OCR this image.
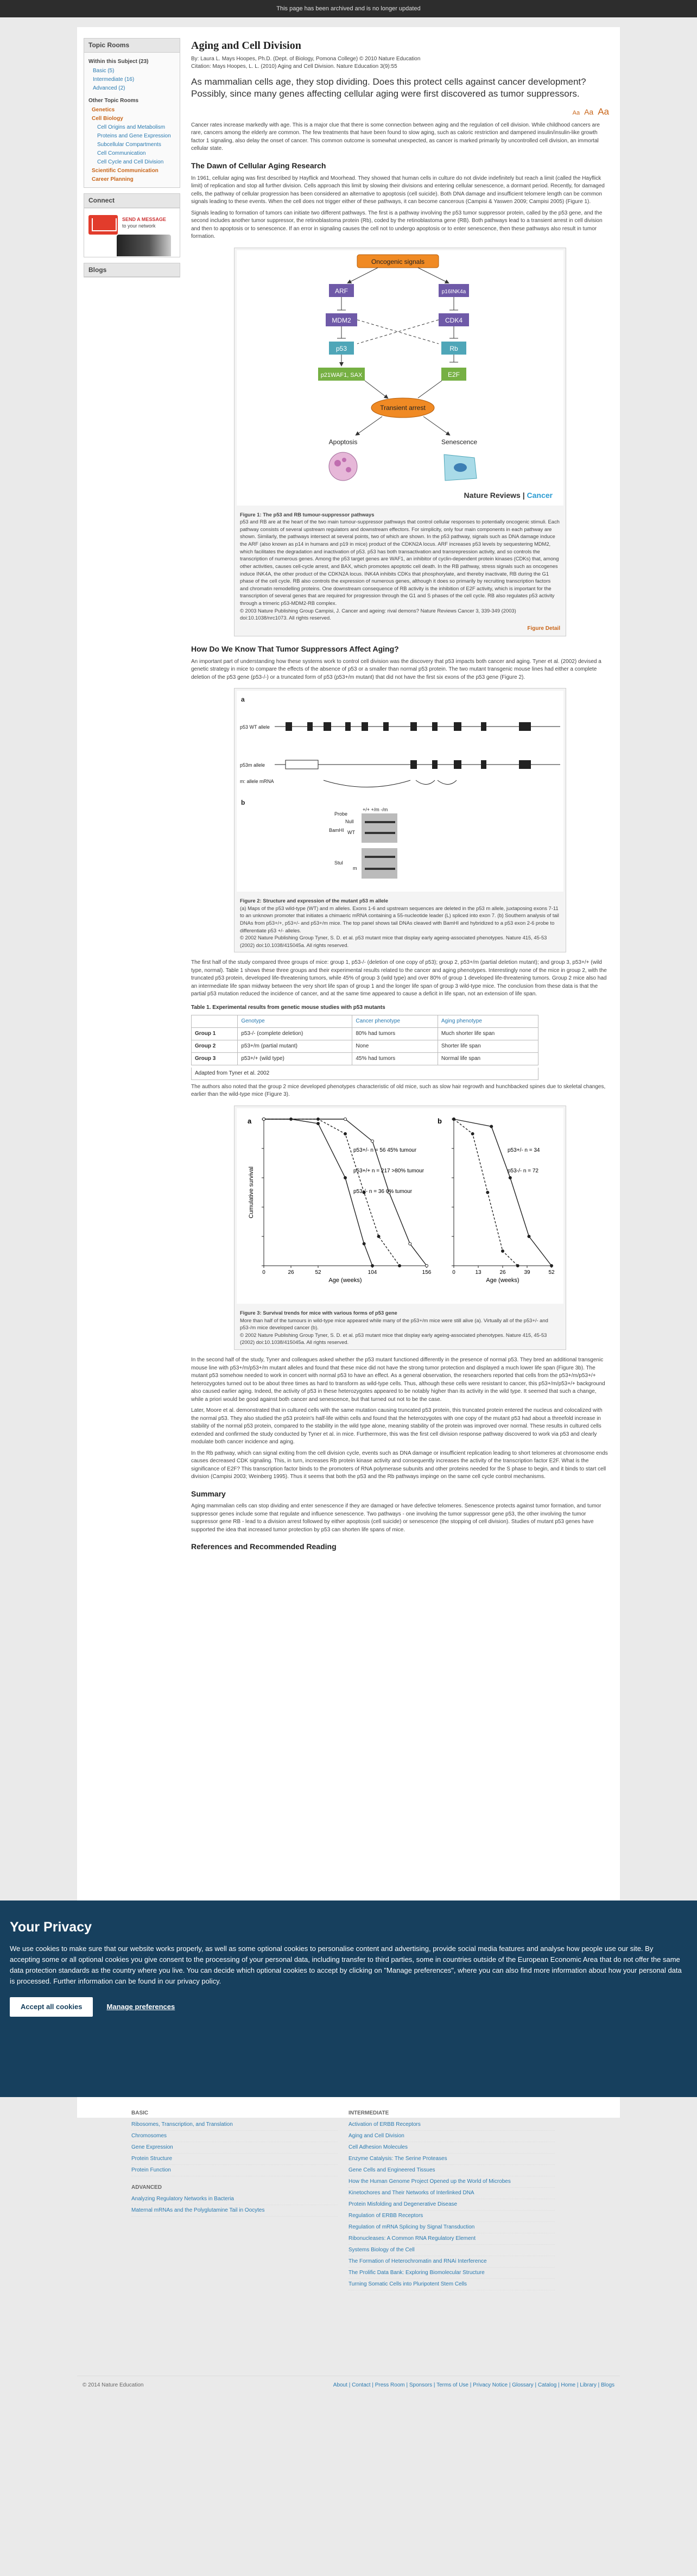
This page has been archived and is no longer updated
Topic Rooms
Within this Subject (23)
Basic (5)
Intermediate (16)
Advanced (2)
Other Topic Rooms
Genetics
Cell Biology
Cell Origins and Metabolism
Proteins and Gene Expression
Subcellular Compartments
Cell Communication
Cell Cycle and Cell Division
Scientific Communication
Career Planning
Connect
SEND A MESSAGE
to your network
Blogs
Aging and Cell Division
By: Laura L. Mays Hoopes, Ph.D. (Dept. of Biology, Pomona College) © 2010 Nature Education
Citation: Mays Hoopes, L. L. (2010) Aging and Cell Division. Nature Education 3(9):55
As mammalian cells age, they stop dividing. Does this protect cells against cancer development? Possibly, since many genes affecting cellular aging were first discovered as tumor suppressors.
Aa Aa Aa

Cancer rates increase markedly with age. This is a major clue that there is some connection between aging and the regulation of cell division. While childhood cancers are rare, cancers among the elderly are common. The few treatments that have been found to slow aging, such as caloric restriction and dampened insulin/insulin-like growth factor 1 signaling, also delay the onset of cancer. This common outcome is somewhat unexpected, as cancer is marked primarily by uncontrolled cell division, an immortal cellular state.

The Dawn of Cellular Aging Research

In 1961, cellular aging was first described by Hayflick and Moorhead. They showed that human cells in culture do not divide indefinitely but reach a limit (called the Hayflick limit) of replication and stop all further division. Cells approach this limit by slowing their divisions and entering cellular senescence, a dormant period. Recently, for damaged cells, the pathway of cellular progression has been considered an alternative to apoptosis (cell suicide). Both DNA damage and insufficient telomere length can be common signals leading to these events. When the cell does not trigger either of these pathways, it can become cancerous (Campisi & Yaswen 2009; Campisi 2005) (Figure 1).

Signals leading to formation of tumors can initiate two different pathways. The first is a pathway involving the p53 tumor suppressor protein, called by the p53 gene, and the second includes another tumor suppressor, the retinoblastoma protein (Rb), coded by the retinoblastoma gene (RB). Both pathways lead to a transient arrest in cell division and then to apoptosis or to senescence. If an error in signaling causes the cell not to undergo apoptosis or to enter senescence, then these pathways also result in tumor formation.

Oncogenic signals
ARF	p16INK4a
MDM2	CDK4
p53	Rb
p21WAF1, SAX	E2F
Transient arrest
Apoptosis	Senescence
Nature Reviews | Cancer
Figure 1: The p53 and RB tumour-suppressor pathways
p53 and RB are at the heart of the two main tumour-suppressor pathways that control cellular responses to potentially oncogenic stimuli. Each pathway consists of several upstream regulators and downstream effectors. For simplicity, only four main components in each pathway are shown. Similarly, the pathways intersect at several points, two of which are shown. In the p53 pathway, signals such as DNA damage induce the ARF (also known as p14 in humans and p19 in mice) product of the CDKN2A locus. ARF increases p53 levels by sequestering MDM2, which facilitates the degradation and inactivation of p53. p53 has both transactivation and transrepression activity, and so controls the transcription of numerous genes. Among the p53 target genes are WAF1, an inhibitor of cyclin-dependent protein kinases (CDKs) that, among other activities, causes cell-cycle arrest, and BAX, which promotes apoptotic cell death. In the RB pathway, stress signals such as oncogenes induce INK4A, the other product of the CDKN2A locus. INK4A inhibits CDKs that phosphorylate, and thereby inactivate, RB during the G1 phase of the cell cycle. RB also controls the expression of numerous genes, although it does so primarily by recruiting transcription factors and chromatin remodelling proteins. One downstream consequence of RB activity is the inhibition of E2F activity, which is important for the transcription of several genes that are required for progression through the G1 and S phases of the cell cycle. RB also regulates p53 activity through a trimeric p53-MDM2-RB complex.
© 2003 Nature Publishing Group Campisi, J. Cancer and ageing: rival demons? Nature Reviews Cancer 3, 339-349 (2003) doi:10.1038/nrc1073. All rights reserved.
Figure Detail
How Do We Know That Tumor Suppressors Affect Aging?

An important part of understanding how these systems work to control cell division was the discovery that p53 impacts both cancer and aging. Tyner et al. (2002) devised a genetic strategy in mice to compare the effects of the absence of p53 or a smaller than normal p53 protein. The two mutant transgenic mouse lines had either a complete deletion of the p53 gene (p53-/-) or a truncated form of p53 (p53+/m mutant) that did not have the first six exons of the p53 gene (Figure 2).

a
p53 WT allele
p53m allele
m: allele mRNA
b
Probe
BamHI
StuI
+/+ +/m -/m
Null
WT
m
Figure 2: Structure and expression of the mutant p53 m allele
(a) Maps of the p53 wild-type (WT) and m alleles. Exons 1-6 and upstream sequences are deleted in the p53 m allele, juxtaposing exons 7-11 to an unknown promoter that initiates a chimaeric mRNA containing a 55-nucleotide leader (L) spliced into exon 7. (b) Southern analysis of tail DNAs from p53+/+, p53+/- and p53+/m mice. The top panel shows tail DNAs cleaved with BamHI and hybridized to a p53 exon 2-6 probe to differentiate p53 +/- alleles.
© 2002 Nature Publishing Group Tyner, S. D. et al. p53 mutant mice that display early ageing-associated phenotypes. Nature 415, 45-53 (2002) doi:10.1038/415045a. All rights reserved.

The first half of the study compared three groups of mice: group 1, p53-/- (deletion of one copy of p53); group 2, p53+/m (partial deletion mutant); and group 3, p53+/+ (wild type, normal). Table 1 shows these three groups and their experimental results related to the cancer and aging phenotypes. Interestingly none of the mice in group 2, with the truncated p53 protein, developed life-threatening tumors, while 45% of group 3 (wild type) and over 80% of group 1 developed life-threatening tumors. Group 2 mice also had an intermediate life span midway between the very short life span of group 1 and the longer life span of group 3 wild-type mice. The conclusion from these data is that the partial p53 mutation reduced the incidence of cancer, and at the same time appeared to cause a deficit in life span, not an extension of life span.

Table 1. Experimental results from genetic mouse studies with p53 mutants
	Genotype	Cancer phenotype	Aging phenotype
Group 1	p53-/- (complete deletion)	80% had tumors	Much shorter life span
Group 2	p53+/m (partial mutant)	None	Shorter life span
Group 3	p53+/+ (wild type)	45% had tumors	Normal life span
Adapted from Tyner et al. 2002

The authors also noted that the group 2 mice developed phenotypes characteristic of old mice, such as slow hair regrowth and hunchbacked spines due to skeletal changes, earlier than the wild-type mice (Figure 3).

a
0	26	52	104	156
Age (weeks)
Cumulative survival
p53+/- n = 56 45% tumour
p53+/+ n = 217 >80% tumour
p53-/- n = 36 6% tumour
b
0	13	26	39	52
Age (weeks)
p53+/- n = 34
p53-/- n = 72
Figure 3: Survival trends for mice with various forms of p53 gene
More than half of the tumours in wild-type mice appeared while many of the p53+/m mice were still alive (a). Virtually all of the p53+/- and p53-/m mice developed cancer (b).
© 2002 Nature Publishing Group Tyner, S. D. et al. p53 mutant mice that display early ageing-associated phenotypes. Nature 415, 45-53 (2002) doi:10.1038/415045a. All rights reserved.

In the second half of the study, Tyner and colleagues asked whether the p53 mutant functioned differently in the presence of normal p53. They bred an additional transgenic mouse line with p53+/m/p53+/m mutant alleles and found that these mice did not have the strong tumor protection and displayed a much lower life span (Figure 3b). The mutant p53 somehow needed to work in concert with normal p53 to have an effect. As a general observation, the researchers reported that cells from the p53+/m/p53+/+ heterozygotes turned out to be about three times as hard to transform as wild-type cells. Thus, although these cells were resistant to cancer, this p53+/m/p53+/+ background also caused earlier aging. Indeed, the activity of p53 in these heterozygotes appeared to be notably higher than its activity in the wild type. It seemed that such a change, while a priori would be good against both cancer and senescence, but that turned out not to be the case.

Later, Moore et al. demonstrated that in cultured cells with the same mutation causing truncated p53 protein, this truncated protein entered the nucleus and colocalized with the normal p53. They also studied the p53 protein's half-life within cells and found that the heterozygotes with one copy of the mutant p53 had about a threefold increase in stability of the normal p53 protein, compared to the stability in the wild type alone, meaning stability of the protein was improved over normal. These results in cultured cells extended and confirmed the study conducted by Tyner et al. in mice. Furthermore, this was the first cell division response pathway discovered to work via p53 and clearly modulate both cancer incidence and aging.

In the Rb pathway, which can signal exiting from the cell division cycle, events such as DNA damage or insufficient replication leading to short telomeres at chromosome ends causes decreased CDK signaling. This, in turn, increases Rb protein kinase activity and consequently increases the activity of the transcription factor E2F. What is the significance of E2F? This transcription factor binds to the promoters of RNA polymerase subunits and other proteins needed for the S phase to begin, and it binds to start cell division (Campisi 2003; Weinberg 1995). Thus it seems that both the p53 and the Rb pathways impinge on the same cell cycle control mechanisms.

Summary

Aging mammalian cells can stop dividing and enter senescence if they are damaged or have defective telomeres. Senescence protects against tumor formation, and tumor suppressor genes include some that regulate and influence senescence. Two pathways - one involving the tumor suppressor gene p53, the other involving the tumor suppressor gene RB - lead to a division arrest followed by either apoptosis (cell suicide) or senescence (the stopping of cell division). Studies of mutant p53 genes have supported the idea that increased tumor protection by p53 can shorten life spans of mice.

References and Recommended Reading
BASIC
Ribosomes, Transcription, and Translation
Chromosomes
Gene Expression
Protein Structure
Protein Function
ADVANCED
Analyzing Regulatory Networks in Bacteria
Maternal mRNAs and the Polyglutamine Tail in Oocytes
INTERMEDIATE
Activation of ERBB Receptors
Aging and Cell Division
Cell Adhesion Molecules
Enzyme Catalysis: The Serine Proteases
Gene Cells and Engineered Tissues
How the Human Genome Project Opened up the World of Microbes
Kinetochores and Their Networks of Interlinked DNA
Protein Misfolding and Degenerative Disease
Regulation of ERBB Receptors
Regulation of mRNA Splicing by Signal Transduction
Ribonucleases: A Common RNA Regulatory Element
Systems Biology of the Cell
The Formation of Heterochromatin and RNAi Interference
The Prolific Data Bank: Exploring Biomolecular Structure
Turning Somatic Cells into Pluripotent Stem Cells
© 2014 Nature Education	About | Contact | Press Room | Sponsors | Terms of Use | Privacy Notice | Glossary | Catalog | Home | Library | Blogs
Your Privacy

We use cookies to make sure that our website works properly, as well as some optional cookies to personalise content and advertising, provide social media features and analyse how people use our site. By accepting some or all optional cookies you give consent to the processing of your personal data, including transfer to third parties, some in countries outside of the European Economic Area that do not offer the same data protection standards as the country where you live. You can decide which optional cookies to accept by clicking on "Manage preferences", where you can also find more information about how your personal data is processed. Further information can be found in our privacy policy.

Accept all cookies	Manage preferences
